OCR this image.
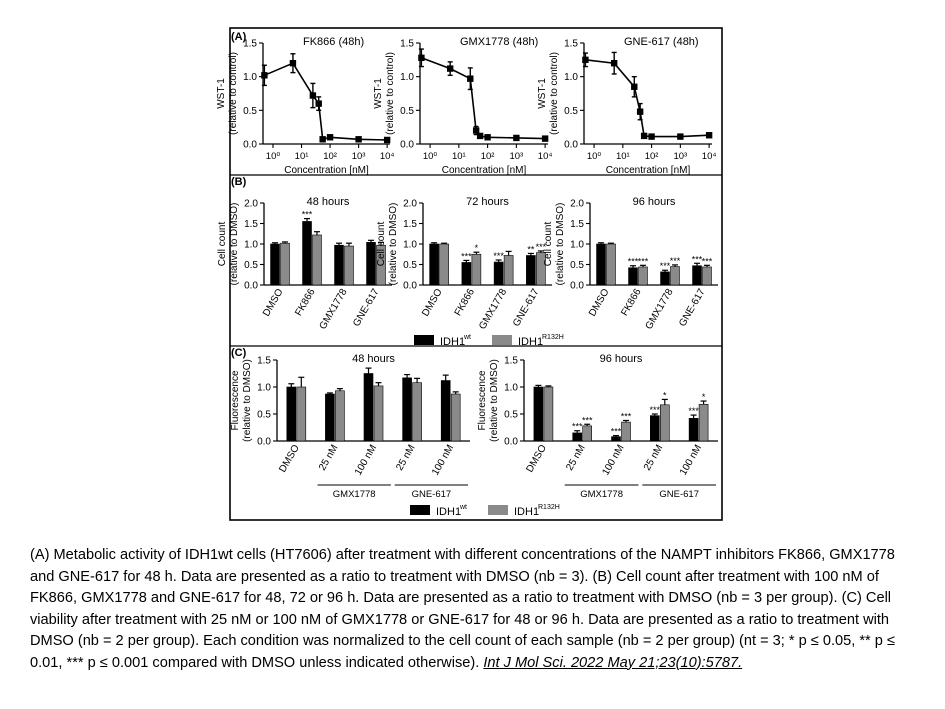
(A)
0.0
0.5
1.0
1.5
WST-1 (relative to control)
10⁰ 10¹ 10² 10³ 10⁴
Concentration [nM]
FK866 (48h)
0.0
0.5
1.0
1.5
WST-1 (relative to control)
10⁰ 10¹ 10² 10³ 10⁴
Concentration [nM]
GMX1778 (48h)
0.0
0.5
1.0
1.5
WST-1 (relative to control)
10⁰ 10¹ 10² 10³ 10⁴
Concentration [nM]
GNE-617 (48h)
(B)
0.0
0.5
1.0
1.5
2.0
Cell count (relative to DMSO)
48 hours
DMSO
***
FK866 GMX1778 GNE-617
0.0
0.5
1.0
1.5
2.0
Cell count (relative to DMSO)
72 hours
DMSO
***
*
FK866
***
GMX1778
** ***
GNE-617
0.0
0.5
1.0
1.5
2.0
Cell count (relative to DMSO)
96 hours
DMSO
*** ***
FK866
***
***
GMX1778
*** ***
GNE-617
(C)
0.0
0.5
1.0
1.5
Fluorescence (relative to DMSO)
48 hours
DMSO 25 nM 100 nM 25 nM 100 nM
GMX1778	GNE-617
0.0
0.5
1.0
1.5
Fluorescence (relative to DMSO)
96 hours
DMSO
***
***
25 nM
***
***
100 nM
***
*
25 nM
***
*
100 nM
GMX1778	GNE-617
IDH1
wt	IDH1
R132H
IDH1
wt	IDH1
R132H

(A) Metabolic activity of IDH1wt cells (HT7606) after treatment with different concentrations of the NAMPT inhibitors FK866, GMX1778 and GNE-617 for 48 h. Data are presented as a ratio to treatment with DMSO (nb = 3). (B) Cell count after treatment with 100 nM of FK866, GMX1778 and GNE-617 for 48, 72 or 96 h. Data are presented as a ratio to treatment with DMSO (nb = 3 per group). (C) Cell viability after treatment with 25 nM or 100 nM of GMX1778 or GNE-617 for 48 or 96 h. Data are presented as a ratio to treatment with DMSO (nb = 2 per group). Each condition was normalized to the cell count of each sample (nb = 2 per group) (nt = 3; * p ≤ 0.05, ** p ≤ 0.01, *** p ≤ 0.001 compared with DMSO unless indicated otherwise). Int J Mol Sci. 2022 May 21;23(10):5787.
